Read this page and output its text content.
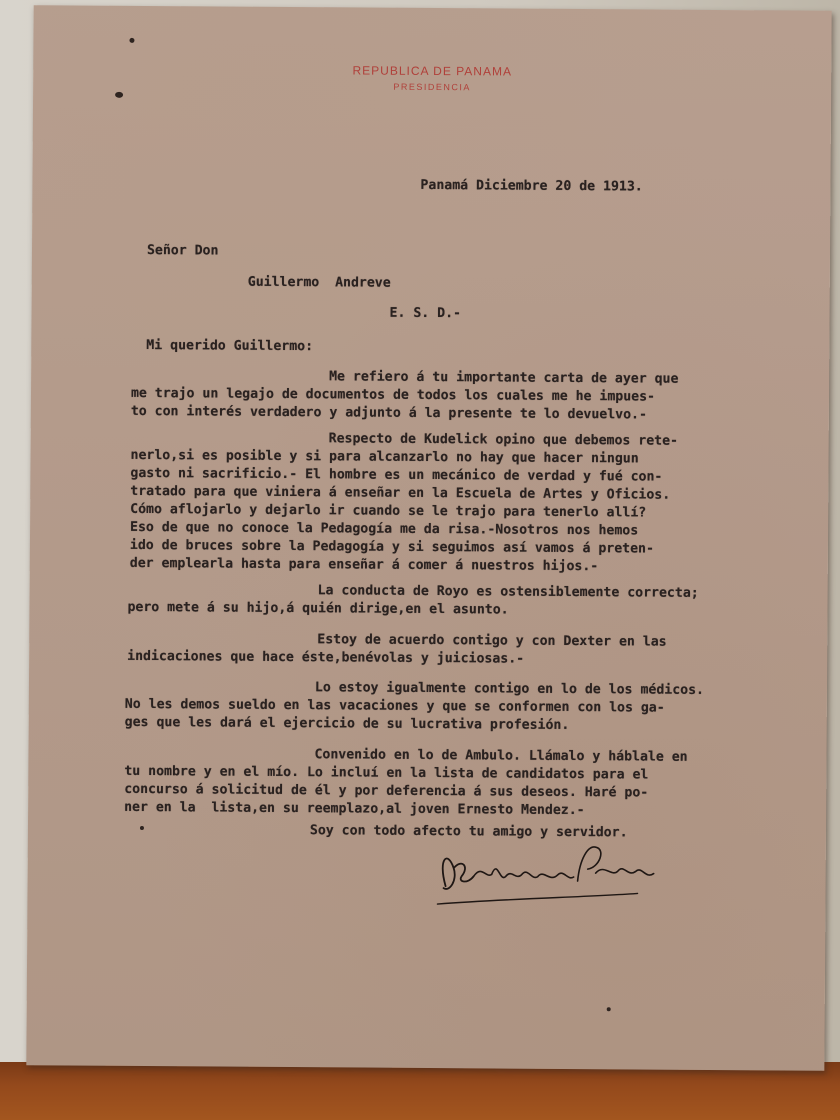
REPUBLICA DE PANAMA
PRESIDENCIA
Panamá Diciembre 20 de 1913.
Señor Don
Guillermo  Andreve
E. S. D.-
Mi querido Guillermo:
Me refiero á tu importante carta de ayer que
me trajo un legajo de documentos de todos los cuales me he impues-
to con interés verdadero y adjunto á la presente te lo devuelvo.-
Respecto de Kudelick opino que debemos rete-
nerlo,si es posible y si para alcanzarlo no hay que hacer ningun
gasto ni sacrificio.- El hombre es un mecánico de verdad y fué con-
tratado para que viniera á enseñar en la Escuela de Artes y Oficios.
Cómo aflojarlo y dejarlo ir cuando se le trajo para tenerlo allí?
Eso de que no conoce la Pedagogía me da risa.-Nosotros nos hemos
ido de bruces sobre la Pedagogía y si seguimos así vamos á preten-
der emplearla hasta para enseñar á comer á nuestros hijos.-
La conducta de Royo es ostensiblemente correcta;
pero mete á su hijo,á quién dirige,en el asunto.
Estoy de acuerdo contigo y con Dexter en las
indicaciones que hace éste,benévolas y juiciosas.-
Lo estoy igualmente contigo en lo de los médicos.
No les demos sueldo en las vacaciones y que se conformen con los ga-
ges que les dará el ejercicio de su lucrativa profesión.
Convenido en lo de Ambulo. Llámalo y háblale en
tu nombre y en el mío. Lo incluí en la lista de candidatos para el
concurso á solicitud de él y por deferencia á sus deseos. Haré po-
ner en la  lista,en su reemplazo,al joven Ernesto Mendez.-
Soy con todo afecto tu amigo y servidor.
